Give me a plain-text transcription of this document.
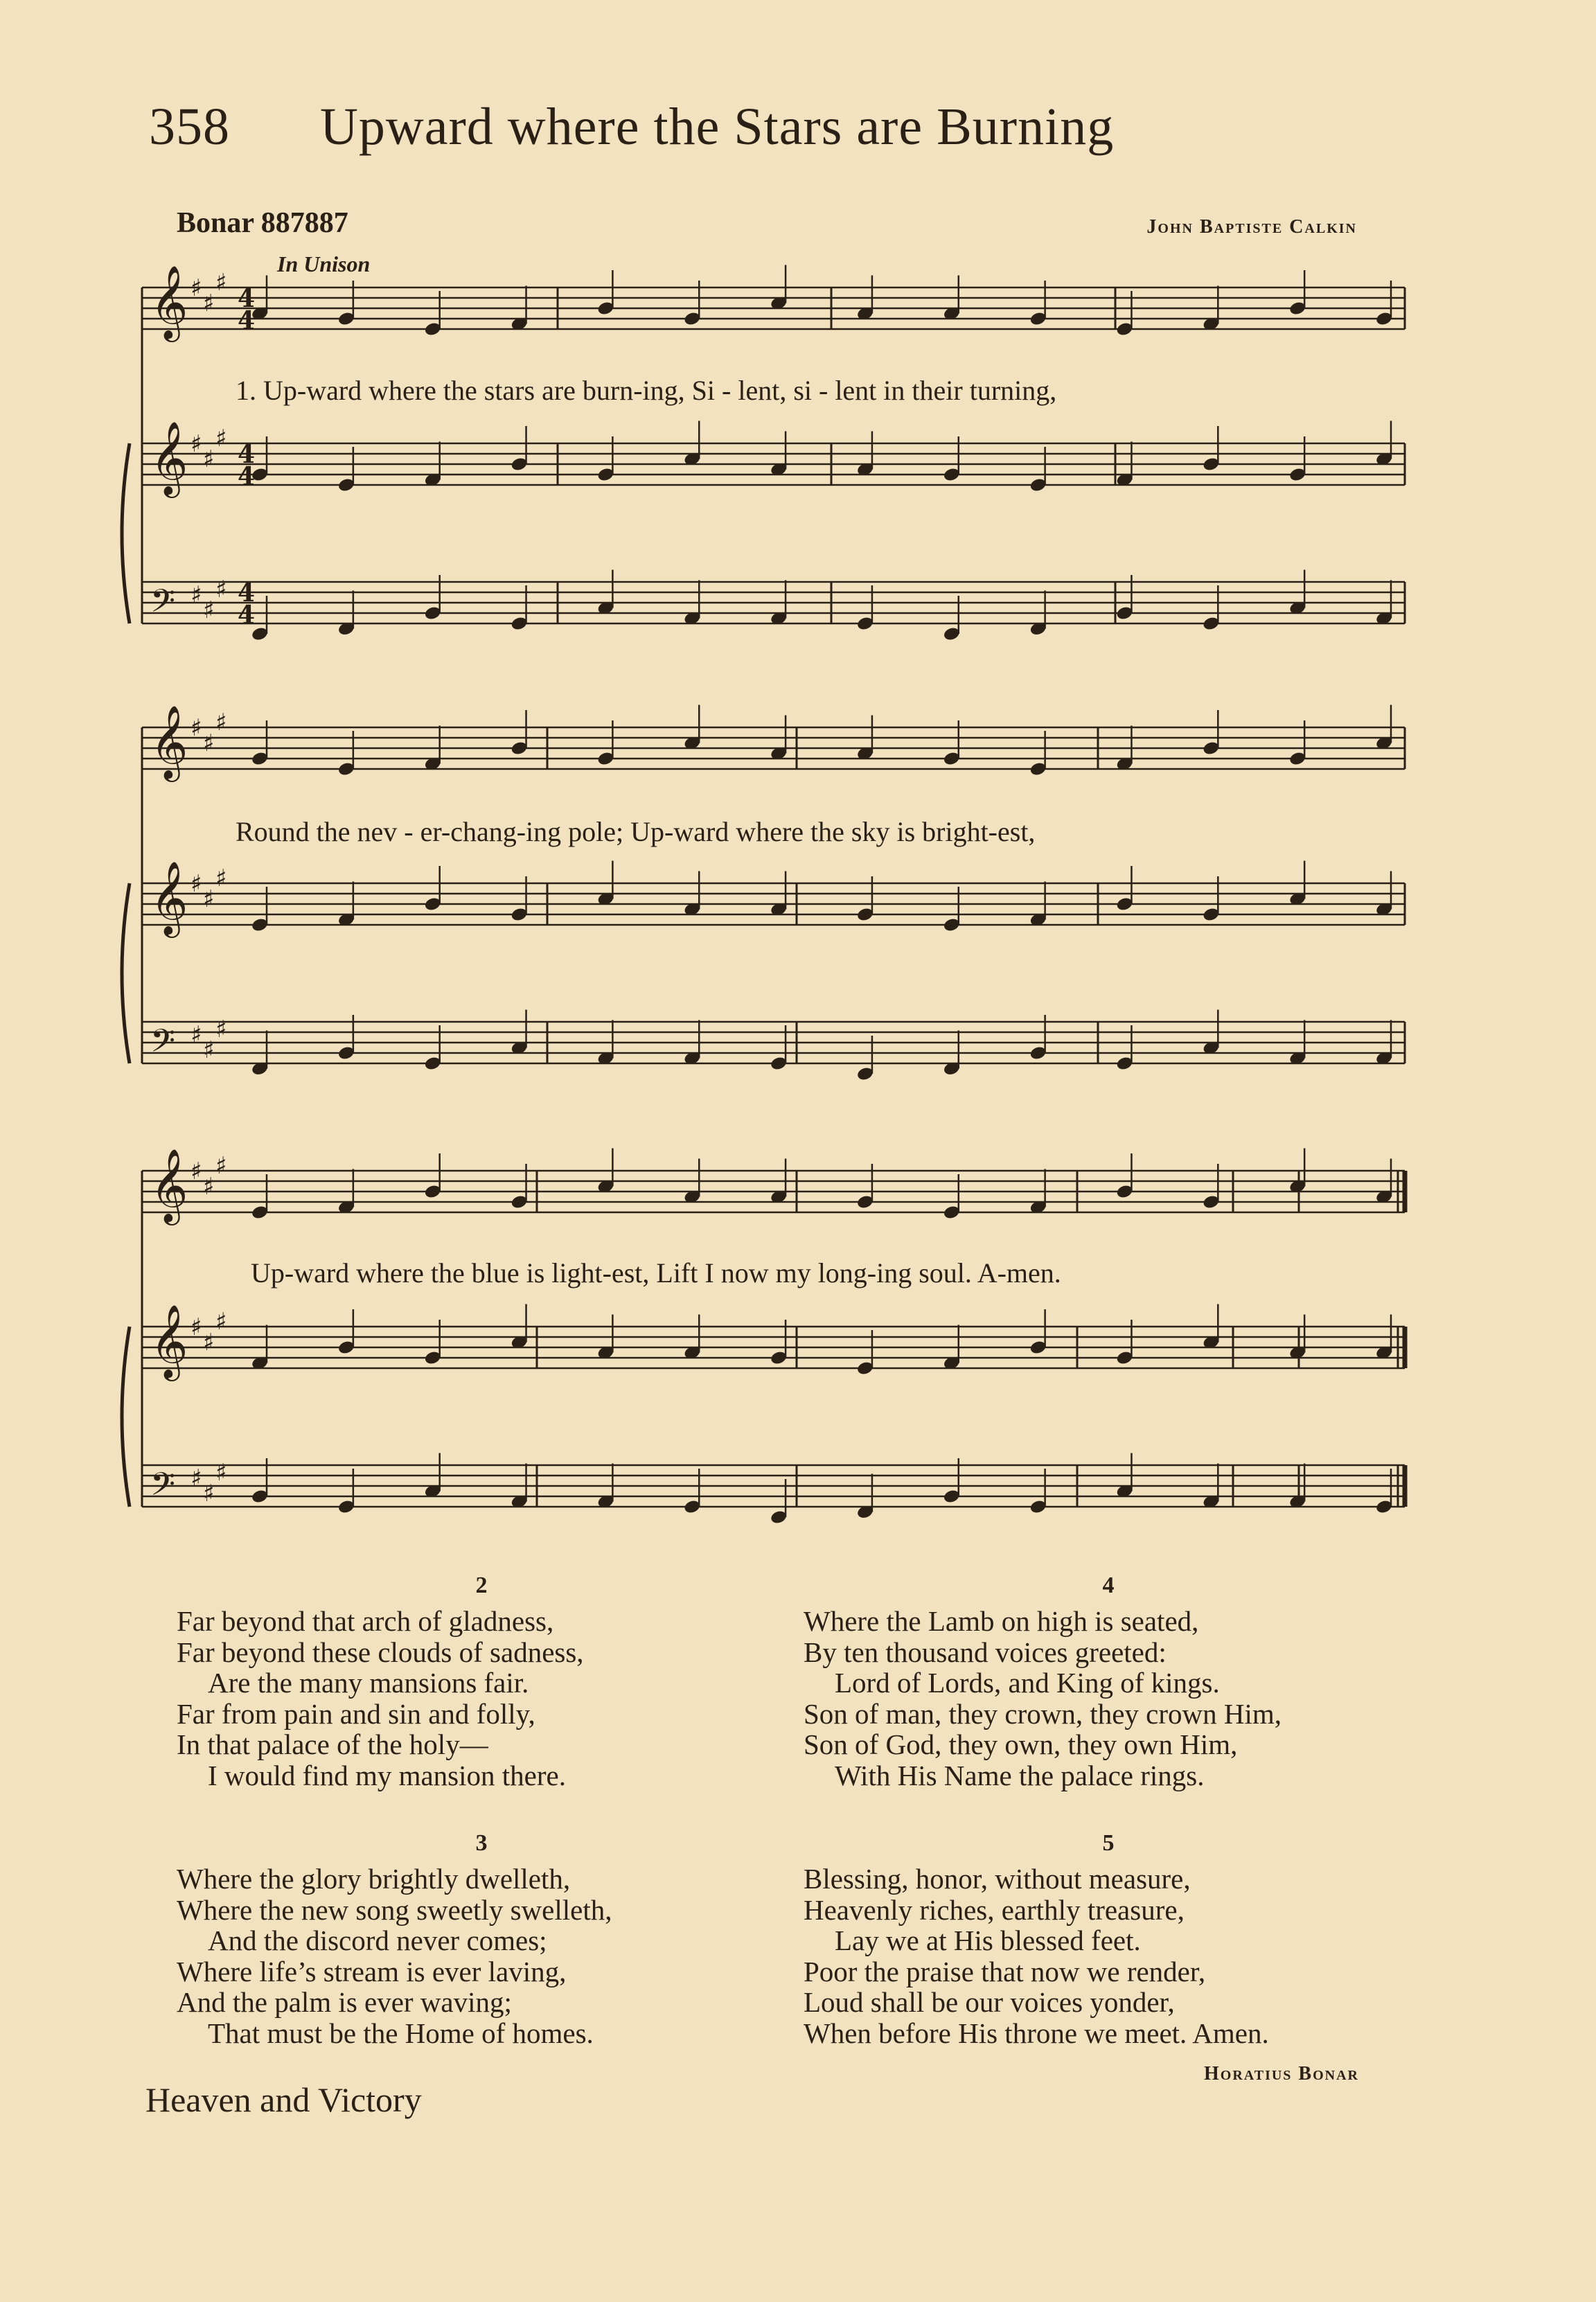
358 Upward where the Stars are Burning
Bonar 887887	John Baptiste Calkin
In Unison
𝄞 ♯
♯
♯
𝄞 ♯
♯
♯
𝄢 ♯
♯
♯
𝄞 ♯
♯
♯
𝄞 ♯
♯
♯
𝄢 ♯
♯
♯
𝄞 ♯
♯
♯
𝄞 ♯
♯
♯
𝄢 ♯
♯
♯
4
4
4
4
4
4
1. Up-ward where the stars are burn-ing, Si - lent, si - lent in their turning,
Round the nev - er-chang-ing pole; Up-ward where the sky is bright-est,
Up-ward where the blue is light-est, Lift I now my long-ing soul. A-men.
2
Far beyond that arch of gladness,
Far beyond these clouds of sadness,
Are the many mansions fair.
Far from pain and sin and folly,
In that palace of the holy—
I would find my mansion there.
4
Where the Lamb on high is seated,
By ten thousand voices greeted:
Lord of Lords, and King of kings.
Son of man, they crown, they crown Him,
Son of God, they own, they own Him,
With His Name the palace rings.
3
Where the glory brightly dwelleth,
Where the new song sweetly swelleth,
And the discord never comes;
Where life’s stream is ever laving,
And the palm is ever waving;
That must be the Home of homes.
5
Blessing, honor, without measure,
Heavenly riches, earthly treasure,
Lay we at His blessed feet.
Poor the praise that now we render,
Loud shall be our voices yonder,
When before His throne we meet. Amen.
Horatius Bonar
Heaven and Victory
